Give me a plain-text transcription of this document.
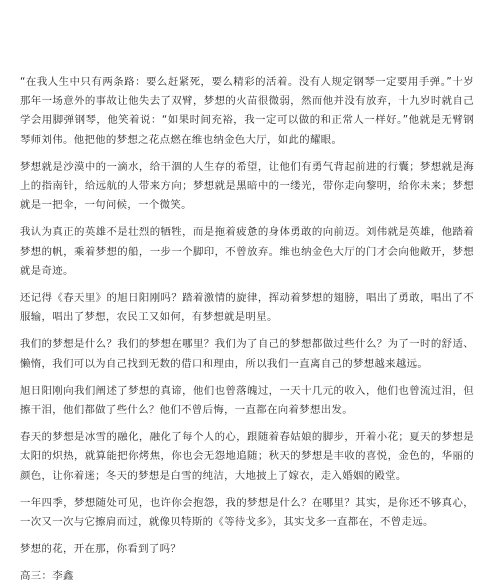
“在我人生中只有两条路：要么赶紧死，要么精彩的活着。没有人规定钢琴一定要用手弹。”十岁那年一场意外的事故让他失去了双臂，梦想的火苗很微弱，然而他并没有放弃，十九岁时就自己学会用脚弹钢琴，他笑着说：“如果时间充裕，我一定可以做的和正常人一样好。”他就是无臂钢琴师刘伟。他把他的梦想之花点燃在维也纳金色大厅，如此的耀眼。

梦想就是沙漠中的一滴水，给干涸的人生存的希望，让他们有勇气背起前进的行囊；梦想就是海上的指南针，给远航的人带来方向；梦想就是黑暗中的一缕光，带你走向黎明，给你未来；梦想就是一把伞，一句问候，一个微笑。

我认为真正的英雄不是壮烈的牺牲，而是拖着疲惫的身体勇敢的向前迈。刘伟就是英雄，他踏着梦想的帆，乘着梦想的船，一步一个脚印，不曾放弃。维也纳金色大厅的门才会向他敞开，梦想就是奇迹。

还记得《春天里》的旭日阳刚吗？踏着激情的旋律，挥动着梦想的翅膀，唱出了勇敢，唱出了不服输，唱出了梦想，农民工又如何，有梦想就是明星。

我们的梦想是什么？我们的梦想在哪里？我们为了自己的梦想都做过些什么？为了一时的舒适、懒惰，我们可以为自己找到无数的借口和理由，所以我们一直离自己的梦想越来越远。

旭日阳刚向我们阐述了梦想的真谛，他们也曾落魄过，一天十几元的收入，他们也曾流过泪，但擦干泪，他们都做了些什么？他们不曾后悔，一直都在向着梦想出发。

春天的梦想是冰雪的融化，融化了每个人的心，跟随着春姑娘的脚步，开着小花；夏天的梦想是太阳的炽热，就算能把你烤焦，你也会无怨地追随；秋天的梦想是丰收的喜悦，金色的，华丽的颜色，让你着迷；冬天的梦想是白雪的纯洁，大地披上了嫁衣，走入婚姻的殿堂。

一年四季，梦想随处可见，也许你会抱怨，我的梦想是什么？在哪里？其实，是你还不够真心，一次又一次与它擦肩而过，就像贝特斯的《等待戈多》，其实戈多一直都在，不曾走远。

梦想的花，开在那，你看到了吗？

高三：李鑫
